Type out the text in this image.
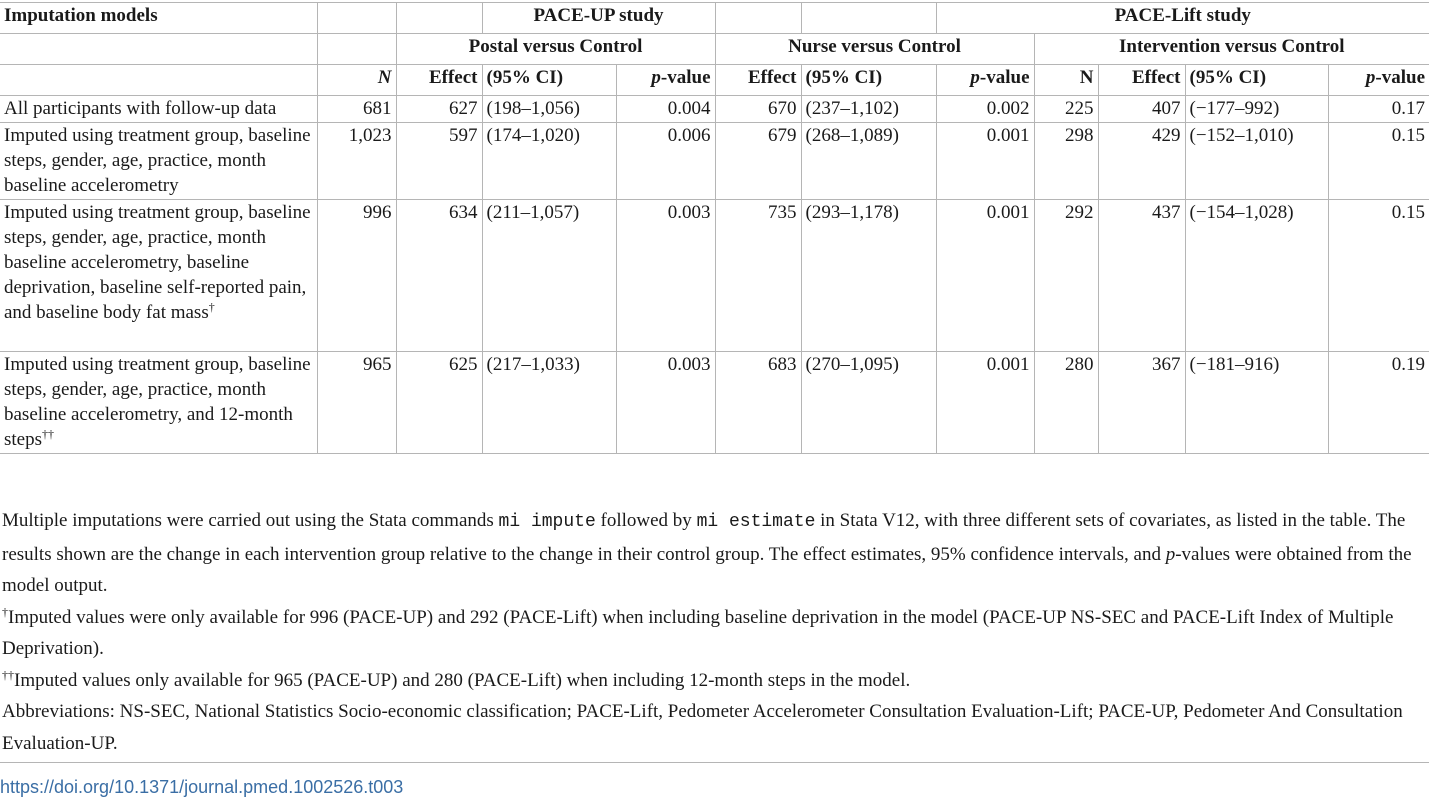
Imputation models			PACE-UP study				PACE-Lift study				
		Postal versus Control			Nurse versus Control			Intervention versus Control			
	N	Effect	(95% CI)	p-value	Effect	(95% CI)	p-value	N	Effect	(95% CI)	p-value
All participants with follow-up data	681	627	(198–1,056)	0.004	670	(237–1,102)	0.002	225	407	(−177–992)	0.17
Imputed using treatment group, baseline steps, gender, age, practice, month baseline accelerometry	1,023	597	(174–1,020)	0.006	679	(268–1,089)	0.001	298	429	(−152–1,010)	0.15
Imputed using treatment group, baseline steps, gender, age, practice, month baseline accelerometry, baseline deprivation, baseline self-reported pain, and baseline body fat mass†	996	634	(211–1,057)	0.003	735	(293–1,178)	0.001	292	437	(−154–1,028)	0.15
Imputed using treatment group, baseline steps, gender, age, practice, month baseline accelerometry, and 12-month steps††	965	625	(217–1,033)	0.003	683	(270–1,095)	0.001	280	367	(−181–916)	0.19

Multiple imputations were carried out using the Stata commands mi impute followed by mi estimate in Stata V12, with three different sets of covariates, as listed in the table. The results shown are the change in each intervention group relative to the change in their control group. The effect estimates, 95% confidence intervals, and p-values were obtained from the model output.

†Imputed values were only available for 996 (PACE-UP) and 292 (PACE-Lift) when including baseline deprivation in the model (PACE-UP NS-SEC and PACE-Lift Index of Multiple Deprivation).

††Imputed values only available for 965 (PACE-UP) and 280 (PACE-Lift) when including 12-month steps in the model.

Abbreviations: NS-SEC, National Statistics Socio-economic classification; PACE-Lift, Pedometer Accelerometer Consultation Evaluation-Lift; PACE-UP, Pedometer And Consultation Evaluation-UP.

https://doi.org/10.1371/journal.pmed.1002526.t003
